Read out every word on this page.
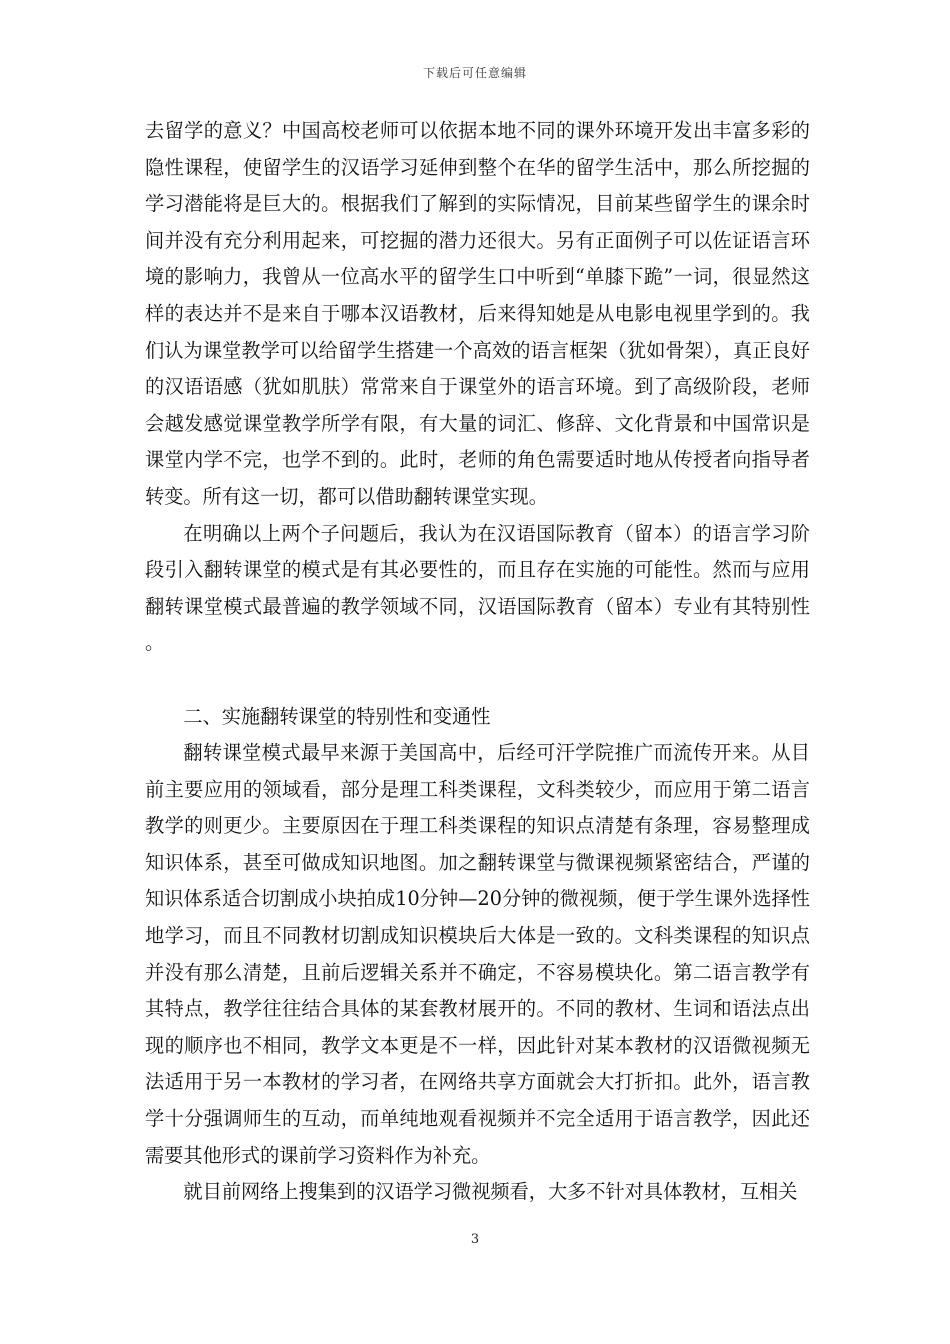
下载后可任意编辑

去留学的意义？中国高校老师可以依据本地不同的课外环境开发出丰富多彩的隐性课程，使留学生的汉语学习延伸到整个在华的留学生活中，那么所挖掘的学习潜能将是巨大的。根据我们了解到的实际情况，目前某些留学生的课余时间并没有充分利用起来，可挖掘的潜力还很大。另有正面例子可以佐证语言环境的影响力，我曾从一位高水平的留学生口中听到“单膝下跪”一词，很显然这样的表达并不是来自于哪本汉语教材，后来得知她是从电影电视里学到的。我们认为课堂教学可以给留学生搭建一个高效的语言框架（犹如骨架），真正良好的汉语语感（犹如肌肤）常常来自于课堂外的语言环境。到了高级阶段，老师会越发感觉课堂教学所学有限，有大量的词汇、修辞、文化背景和中国常识是课堂内学不完，也学不到的。此时，老师的角色需要适时地从传授者向指导者转变。所有这一切，都可以借助翻转课堂实现。

在明确以上两个子问题后，我认为在汉语国际教育（留本）的语言学习阶段引入翻转课堂的模式是有其必要性的，而且存在实施的可能性。然而与应用翻转课堂模式最普遍的教学领域不同，汉语国际教育（留本）专业有其特别性。

二、实施翻转课堂的特别性和变通性

翻转课堂模式最早来源于美国高中，后经可汗学院推广而流传开来。从目前主要应用的领域看，部分是理工科类课程，文科类较少，而应用于第二语言教学的则更少。主要原因在于理工科类课程的知识点清楚有条理，容易整理成知识体系，甚至可做成知识地图。加之翻转课堂与微课视频紧密结合，严谨的知识体系适合切割成小块拍成10分钟—20分钟的微视频，便于学生课外选择性地学习，而且不同教材切割成知识模块后大体是一致的。文科类课程的知识点并没有那么清楚，且前后逻辑关系并不确定，不容易模块化。第二语言教学有其特点，教学往往结合具体的某套教材展开的。不同的教材、生词和语法点出现的顺序也不相同，教学文本更是不一样，因此针对某本教材的汉语微视频无法适用于另一本教材的学习者，在网络共享方面就会大打折扣。此外，语言教学十分强调师生的互动，而单纯地观看视频并不完全适用于语言教学，因此还需要其他形式的课前学习资料作为补充。

就目前网络上搜集到的汉语学习微视频看，大多不针对具体教材，互相关

3
